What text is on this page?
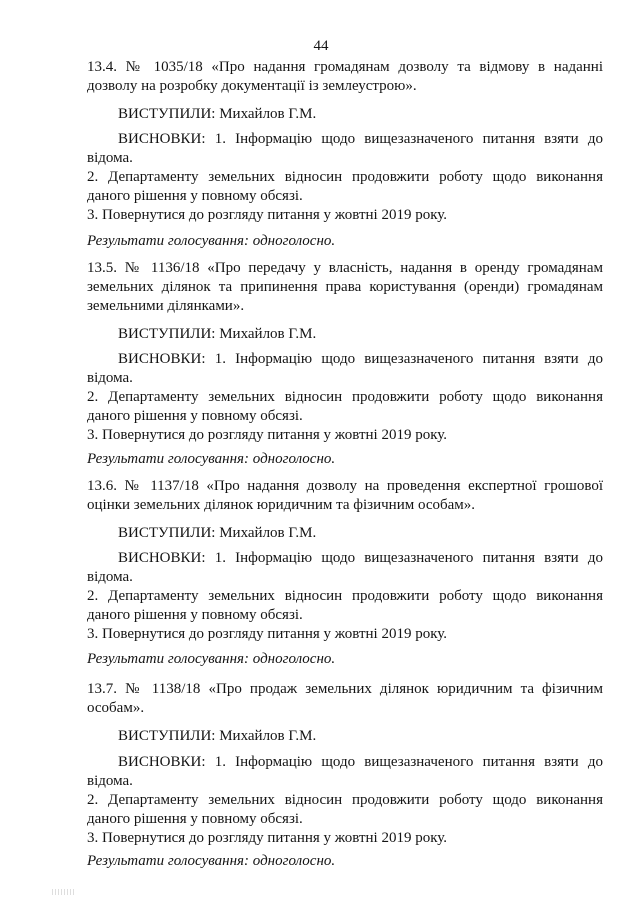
44
13.4. № 1035/18 «Про надання громадянам дозволу та відмову в наданні
дозволу на розробку документації із землеустрою».
ВИСТУПИЛИ: Михайлов Г.М.
ВИСНОВКИ: 1. Інформацію щодо вищезазначеного питання взяти до
відома.
2. Департаменту земельних відносин продовжити роботу щодо виконання
даного рішення у повному обсязі.
3. Повернутися до розгляду питання у жовтні 2019 року.
Результати голосування: одноголосно.
13.5. № 1136/18 «Про передачу у власність, надання в оренду громадянам
земельних ділянок та припинення права користування (оренди) громадянам
земельними ділянками».
ВИСТУПИЛИ: Михайлов Г.М.
ВИСНОВКИ: 1. Інформацію щодо вищезазначеного питання взяти до
відома.
2. Департаменту земельних відносин продовжити роботу щодо виконання
даного рішення у повному обсязі.
3. Повернутися до розгляду питання у жовтні 2019 року.
Результати голосування: одноголосно.
13.6. № 1137/18 «Про надання дозволу на проведення експертної грошової
оцінки земельних ділянок юридичним та фізичним особам».
ВИСТУПИЛИ: Михайлов Г.М.
ВИСНОВКИ: 1. Інформацію щодо вищезазначеного питання взяти до
відома.
2. Департаменту земельних відносин продовжити роботу щодо виконання
даного рішення у повному обсязі.
3. Повернутися до розгляду питання у жовтні 2019 року.
Результати голосування: одноголосно.
13.7. № 1138/18 «Про продаж земельних ділянок юридичним та фізичним
особам».
ВИСТУПИЛИ: Михайлов Г.М.
ВИСНОВКИ: 1. Інформацію щодо вищезазначеного питання взяти до
відома.
2. Департаменту земельних відносин продовжити роботу щодо виконання
даного рішення у повному обсязі.
3. Повернутися до розгляду питання у жовтні 2019 року.
Результати голосування: одноголосно.
